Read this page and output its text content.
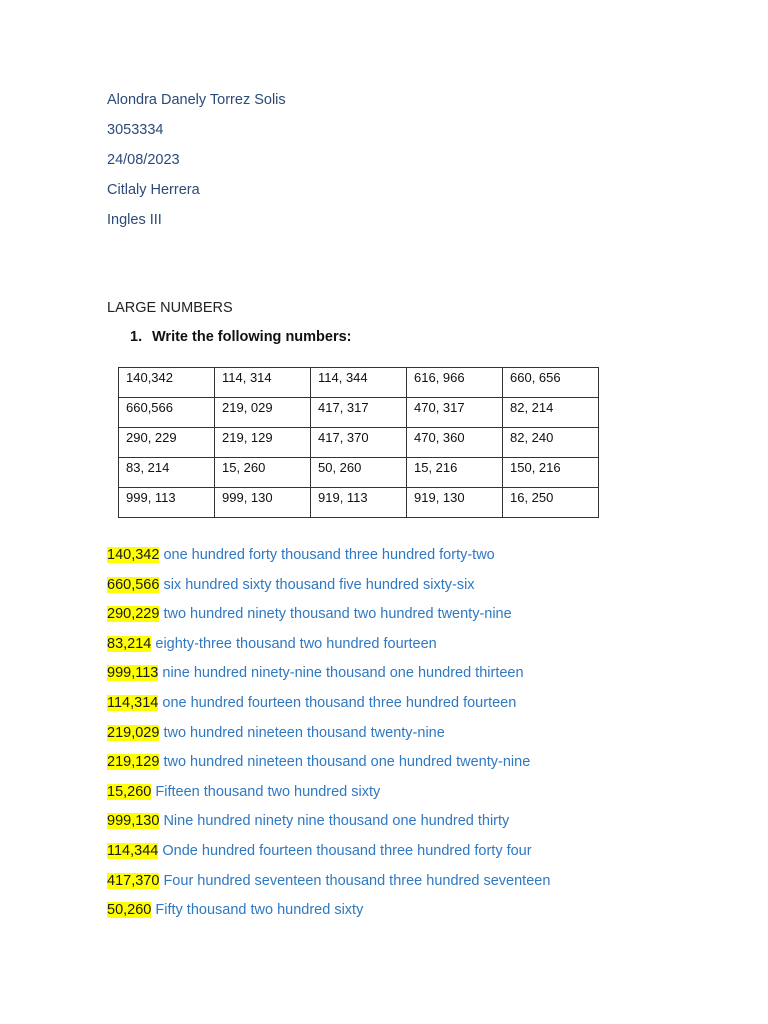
Alondra Danely Torrez Solis
3053334
24/08/2023
Citlaly Herrera
Ingles III
LARGE NUMBERS
1. Write the following numbers:
140,342	114, 314	114, 344	616, 966	660, 656
660,566	219, 029	417, 317	470, 317	82, 214
290, 229	219, 129	417, 370	470, 360	82, 240
83, 214	15, 260	50, 260	15, 216	150, 216
999, 113	999, 130	919, 113	919, 130	16, 250
140,342 one hundred forty thousand three hundred forty-two
660,566 six hundred sixty thousand five hundred sixty-six
290,229 two hundred ninety thousand two hundred twenty-nine
83,214 eighty-three thousand two hundred fourteen
999,113 nine hundred ninety-nine thousand one hundred thirteen
114,314 one hundred fourteen thousand three hundred fourteen
219,029 two hundred nineteen thousand twenty-nine
219,129 two hundred nineteen thousand one hundred twenty-nine
15,260 Fifteen thousand two hundred sixty
999,130 Nine hundred ninety nine thousand one hundred thirty
114,344 Onde hundred fourteen thousand three hundred forty four
417,370 Four hundred seventeen thousand three hundred seventeen
50,260 Fifty thousand two hundred sixty
